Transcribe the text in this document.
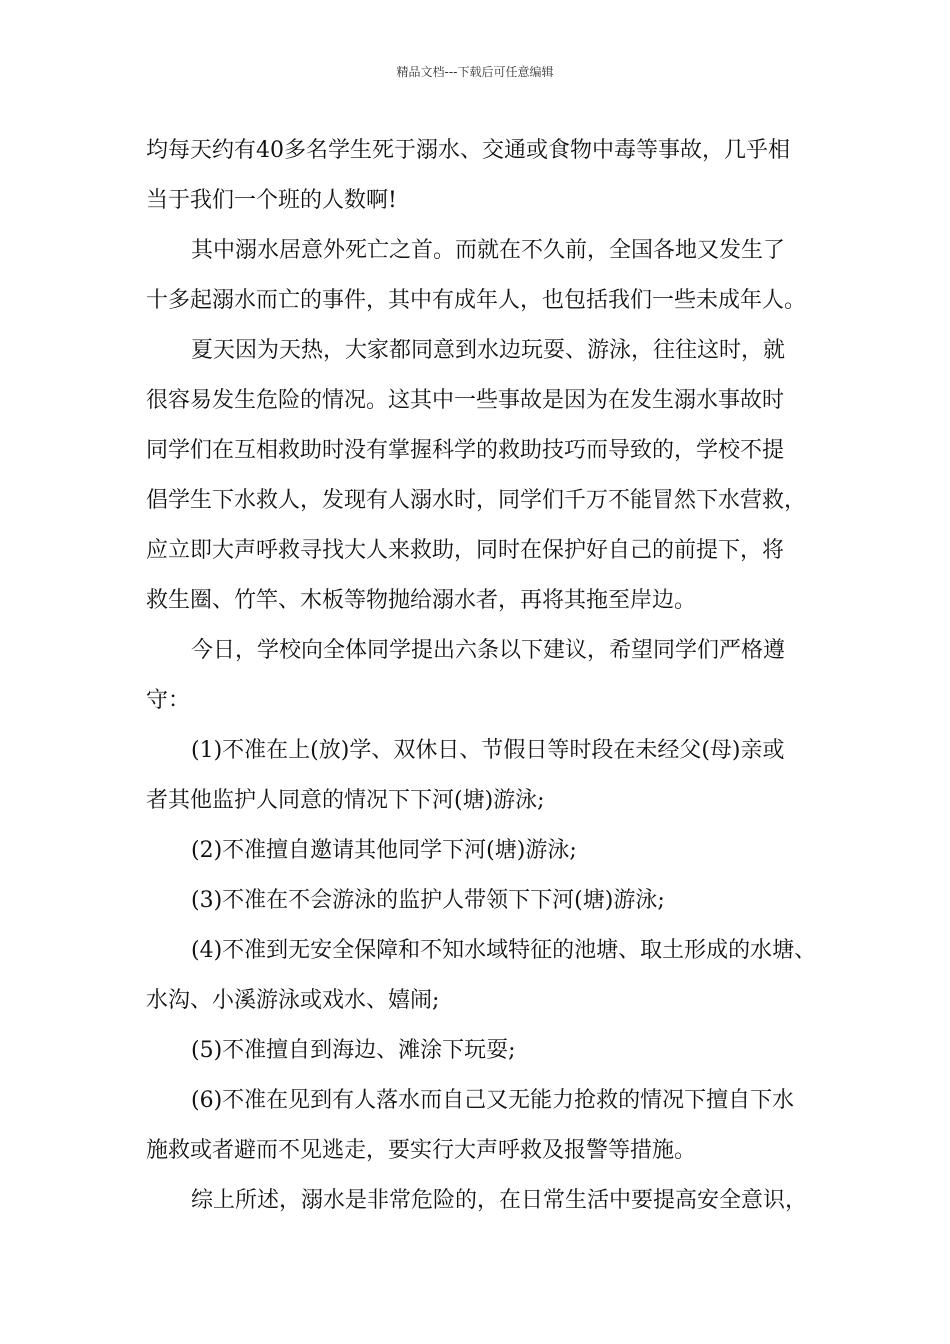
精品文档---下载后可任意编辑
均每天约有40多名学生死于溺水、交通或食物中毒等事故，几乎相
当于我们一个班的人数啊!
其中溺水居意外死亡之首。而就在不久前，全国各地又发生了
十多起溺水而亡的事件，其中有成年人，也包括我们一些未成年人。
夏天因为天热，大家都同意到水边玩耍、游泳，往往这时，就
很容易发生危险的情况。这其中一些事故是因为在发生溺水事故时
同学们在互相救助时没有掌握科学的救助技巧而导致的，学校不提
倡学生下水救人，发现有人溺水时，同学们千万不能冒然下水营救，
应立即大声呼救寻找大人来救助，同时在保护好自己的前提下，将
救生圈、竹竿、木板等物抛给溺水者，再将其拖至岸边。
今日，学校向全体同学提出六条以下建议，希望同学们严格遵
守：
(1)不准在上(放)学、双休日、节假日等时段在未经父(母)亲或
者其他监护人同意的情况下下河(塘)游泳;
(2)不准擅自邀请其他同学下河(塘)游泳;
(3)不准在不会游泳的监护人带领下下河(塘)游泳;
(4)不准到无安全保障和不知水域特征的池塘、取土形成的水塘、
水沟、小溪游泳或戏水、嬉闹;
(5)不准擅自到海边、滩涂下玩耍;
(6)不准在见到有人落水而自己又无能力抢救的情况下擅自下水
施救或者避而不见逃走，要实行大声呼救及报警等措施。
综上所述，溺水是非常危险的，在日常生活中要提高安全意识，
